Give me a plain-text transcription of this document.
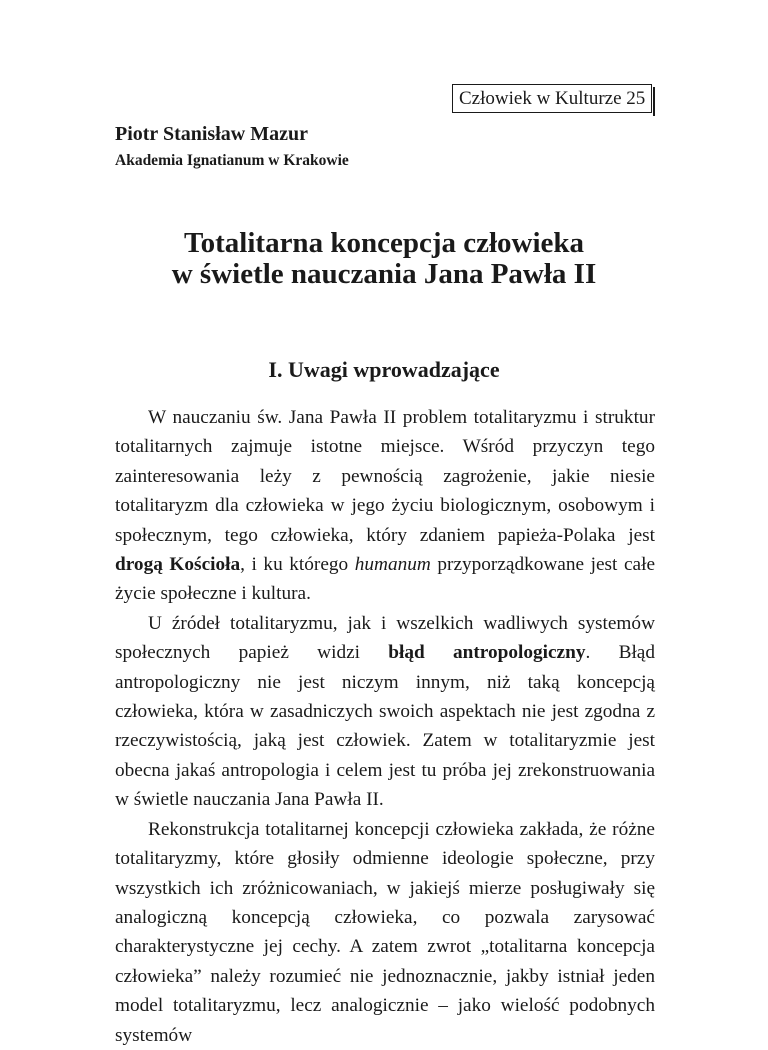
Człowiek w Kulturze 25
Piotr Stanisław Mazur
Akademia Ignatianum w Krakowie
Totalitarna koncepcja człowieka
w świetle nauczania Jana Pawła II
I. Uwagi wprowadzające

W nauczaniu św. Jana Pawła II problem totalitaryzmu i struktur totalitarnych zajmuje istotne miejsce. Wśród przyczyn tego zainteresowania leży z pewnością zagrożenie, jakie niesie totalitaryzm dla człowieka w jego życiu biologicznym, osobowym i społecznym, tego człowieka, który zdaniem papieża-Polaka jest drogą Kościoła, i ku którego humanum przyporządkowane jest całe życie społeczne i kultura.

U źródeł totalitaryzmu, jak i wszelkich wadliwych systemów społecznych papież widzi błąd antropologiczny. Błąd antropologiczny nie jest niczym innym, niż taką koncepcją człowieka, która w zasadniczych swoich aspektach nie jest zgodna z rzeczywistością, jaką jest człowiek. Zatem w totalitaryzmie jest obecna jakaś antropologia i celem jest tu próba jej zrekonstruowania w świetle nauczania Jana Pawła II.

Rekonstrukcja totalitarnej koncepcji człowieka zakłada, że różne totalitaryzmy, które głosiły odmienne ideologie społeczne, przy wszystkich ich zróżnicowaniach, w jakiejś mierze posługiwały się analogiczną koncepcją człowieka, co pozwala zarysować charakterystyczne jej cechy. A zatem zwrot „totalitarna koncepcja człowieka” należy rozumieć nie jednoznacznie, jakby istniał jeden model totalitaryzmu, lecz analogicznie – jako wielość podobnych systemów
